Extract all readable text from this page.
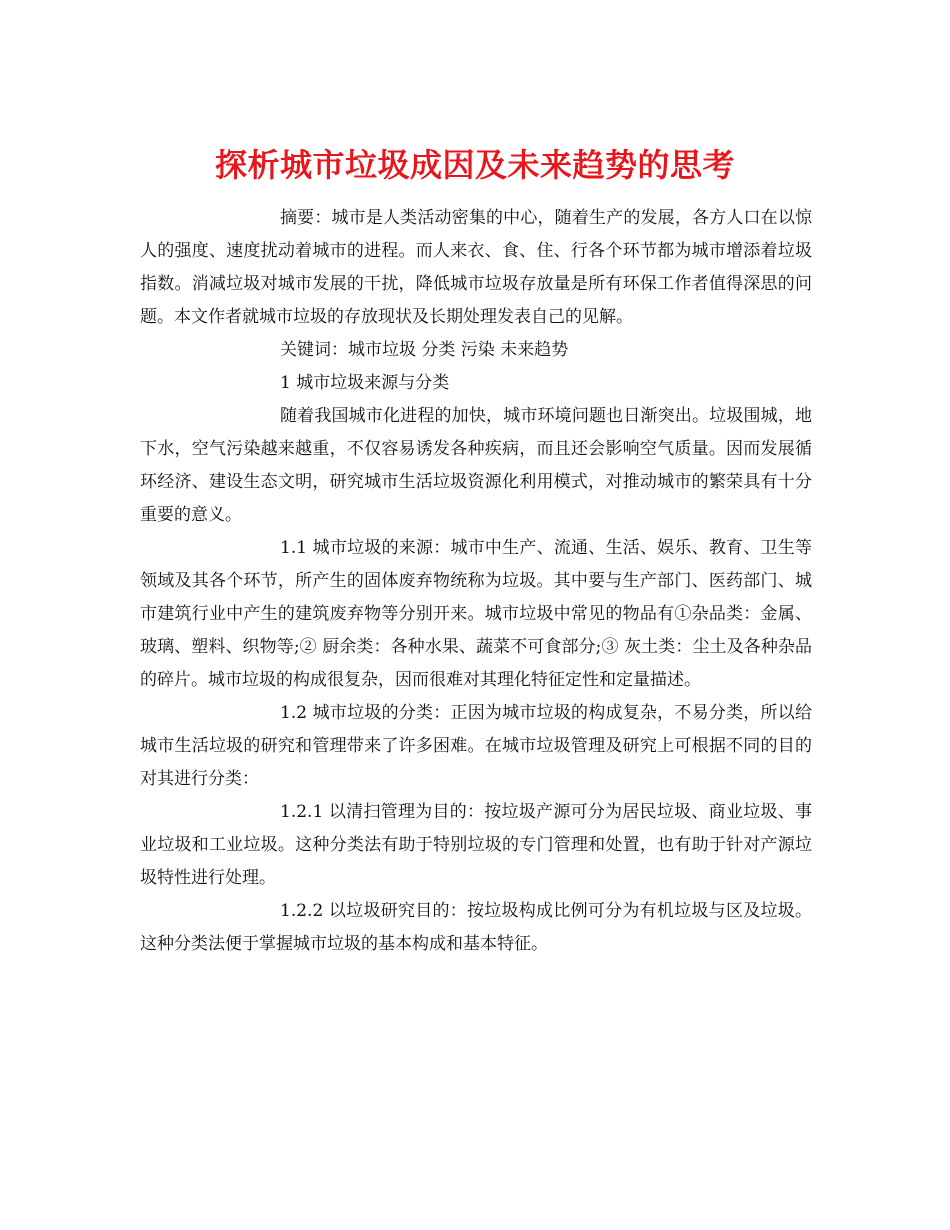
探析城市垃圾成因及未来趋势的思考

摘要：城市是人类活动密集的中心，随着生产的发展，各方人口在以惊人的强度、速度扰动着城市的进程。而人来衣、食、住、行各个环节都为城市增添着垃圾指数。消减垃圾对城市发展的干扰，降低城市垃圾存放量是所有环保工作者值得深思的问题。本文作者就城市垃圾的存放现状及长期处理发表自己的见解。

关键词：城市垃圾 分类 污染 未来趋势

1 城市垃圾来源与分类

随着我国城市化进程的加快，城市环境问题也日渐突出。垃圾围城，地下水，空气污染越来越重，不仅容易诱发各种疾病，而且还会影响空气质量。因而发展循环经济、建设生态文明，研究城市生活垃圾资源化利用模式，对推动城市的繁荣具有十分重要的意义。

1.1 城市垃圾的来源：城市中生产、流通、生活、娱乐、教育、卫生等领域及其各个环节，所产生的固体废弃物统称为垃圾。其中要与生产部门、医药部门、城市建筑行业中产生的建筑废弃物等分别开来。城市垃圾中常见的物品有①杂品类：金属、玻璃、塑料、织物等;② 厨余类：各种水果、蔬菜不可食部分;③ 灰土类：尘土及各种杂品的碎片。城市垃圾的构成很复杂，因而很难对其理化特征定性和定量描述。

1.2 城市垃圾的分类：正因为城市垃圾的构成复杂，不易分类，所以给城市生活垃圾的研究和管理带来了许多困难。在城市垃圾管理及研究上可根据不同的目的对其进行分类：

1.2.1 以清扫管理为目的：按垃圾产源可分为居民垃圾、商业垃圾、事业垃圾和工业垃圾。这种分类法有助于特别垃圾的专门管理和处置，也有助于针对产源垃圾特性进行处理。

1.2.2 以垃圾研究目的：按垃圾构成比例可分为有机垃圾与区及垃圾。这种分类法便于掌握城市垃圾的基本构成和基本特征。
